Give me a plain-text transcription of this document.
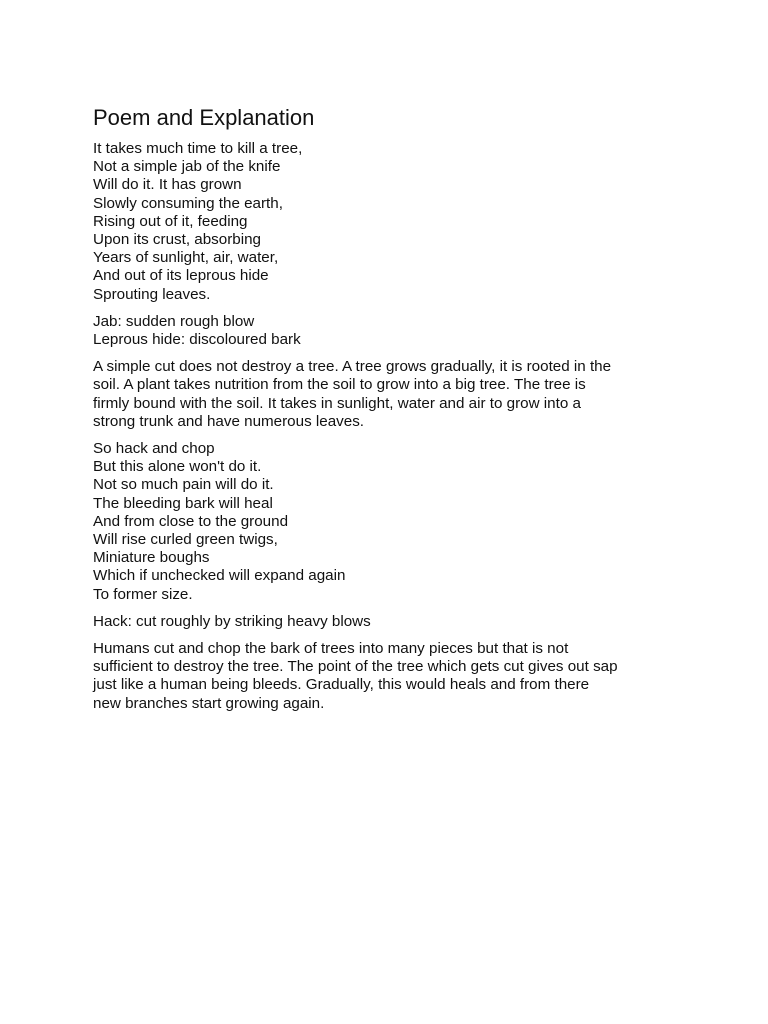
Poem and Explanation
It takes much time to kill a tree,
Not a simple jab of the knife
Will do it. It has grown
Slowly consuming the earth,
Rising out of it, feeding
Upon its crust, absorbing
Years of sunlight, air, water,
And out of its leprous hide
Sprouting leaves.
Jab: sudden rough blow
Leprous hide: discoloured bark
A simple cut does not destroy a tree. A tree grows gradually, it is rooted in the
soil. A plant takes nutrition from the soil to grow into a big tree. The tree is
firmly bound with the soil. It takes in sunlight, water and air to grow into a
strong trunk and have numerous leaves.
So hack and chop
But this alone won't do it.
Not so much pain will do it.
The bleeding bark will heal
And from close to the ground
Will rise curled green twigs,
Miniature boughs
Which if unchecked will expand again
To former size.
Hack: cut roughly by striking heavy blows
Humans cut and chop the bark of trees into many pieces but that is not
sufficient to destroy the tree. The point of the tree which gets cut gives out sap
just like a human being bleeds. Gradually, this would heals and from there
new branches start growing again.
